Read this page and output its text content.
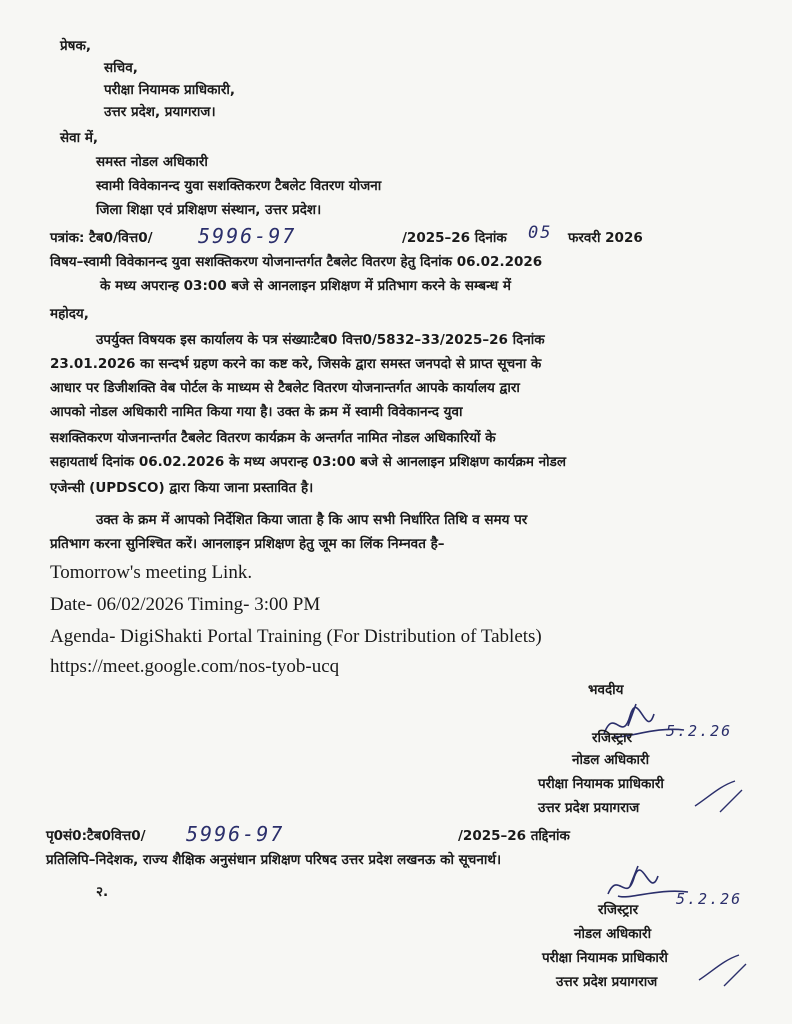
प्रेषक,
सचिव,
परीक्षा नियामक प्राधिकारी,
उत्तर प्रदेश, प्रयागराज।
सेवा में,
समस्त नोडल अधिकारी
स्वामी विवेकानन्द युवा सशक्तिकरण टैबलेट वितरण योजना
जिला शिक्षा एवं प्रशिक्षण संस्थान, उत्तर प्रदेश।
पत्रांक: टैब0/वित्त0/ 5996-97	/2025–26 दिनांक 05 फरवरी 2026
विषय–स्वामी विवेकानन्द युवा सशक्तिकरण योजनान्तर्गत टैबलेट वितरण हेतु दिनांक 06.02.2026
के मध्य अपरान्ह 03:00 बजे से आनलाइन प्रशिक्षण में प्रतिभाग करने के सम्बन्ध में
महोदय,
उपर्युक्त विषयक इस कार्यालय के पत्र संख्याःटैब0 वित्त0/5832–33/2025–26 दिनांक
23.01.2026 का सन्दर्भ ग्रहण करने का कष्ट करे, जिसके द्वारा समस्त जनपदो से प्राप्त सूचना के
आधार पर डिजीशक्ति वेब पोर्टल के माध्यम से टैबलेट वितरण योजनान्तर्गत आपके कार्यालय द्वारा
आपको नोडल अधिकारी नामित किया गया है। उक्त के क्रम में स्वामी विवेकानन्द युवा
सशक्तिकरण योजनान्तर्गत टैबलेट वितरण कार्यक्रम के अन्तर्गत नामित नोडल अधिकारियों के
सहायतार्थ दिनांक 06.02.2026 के मध्य अपरान्ह 03:00 बजे से आनलाइन प्रशिक्षण कार्यक्रम नोडल
एजेन्सी (UPDSCO) द्वारा किया जाना प्रस्तावित है।
उक्त के क्रम में आपको निर्देशित किया जाता है कि आप सभी निर्धारित तिथि व समय पर
प्रतिभाग करना सुनिश्चित करें। आनलाइन प्रशिक्षण हेतु जूम का लिंक निम्नवत है–
Tomorrow's meeting Link.
Date- 06/02/2026 Timing- 3:00 PM
Agenda- DigiShakti Portal Training (For Distribution of Tablets)
https://meet.google.com/nos-tyob-ucq
भवदीय
5.2.26
रजिस्ट्रार
नोडल अधिकारी
परीक्षा नियामक प्राधिकारी
उत्तर प्रदेश प्रयागराज
पृ0सं0:टैब0वित्त0/ 5996-97	/2025–26 तद्दिनांक
प्रतिलिपि–निदेशक, राज्य शैक्षिक अनुसंधान प्रशिक्षण परिषद उत्तर प्रदेश लखनऊ को सूचनार्थ।
२.	5.2.26
रजिस्ट्रार
नोडल अधिकारी
परीक्षा नियामक प्राधिकारी
उत्तर प्रदेश प्रयागराज
